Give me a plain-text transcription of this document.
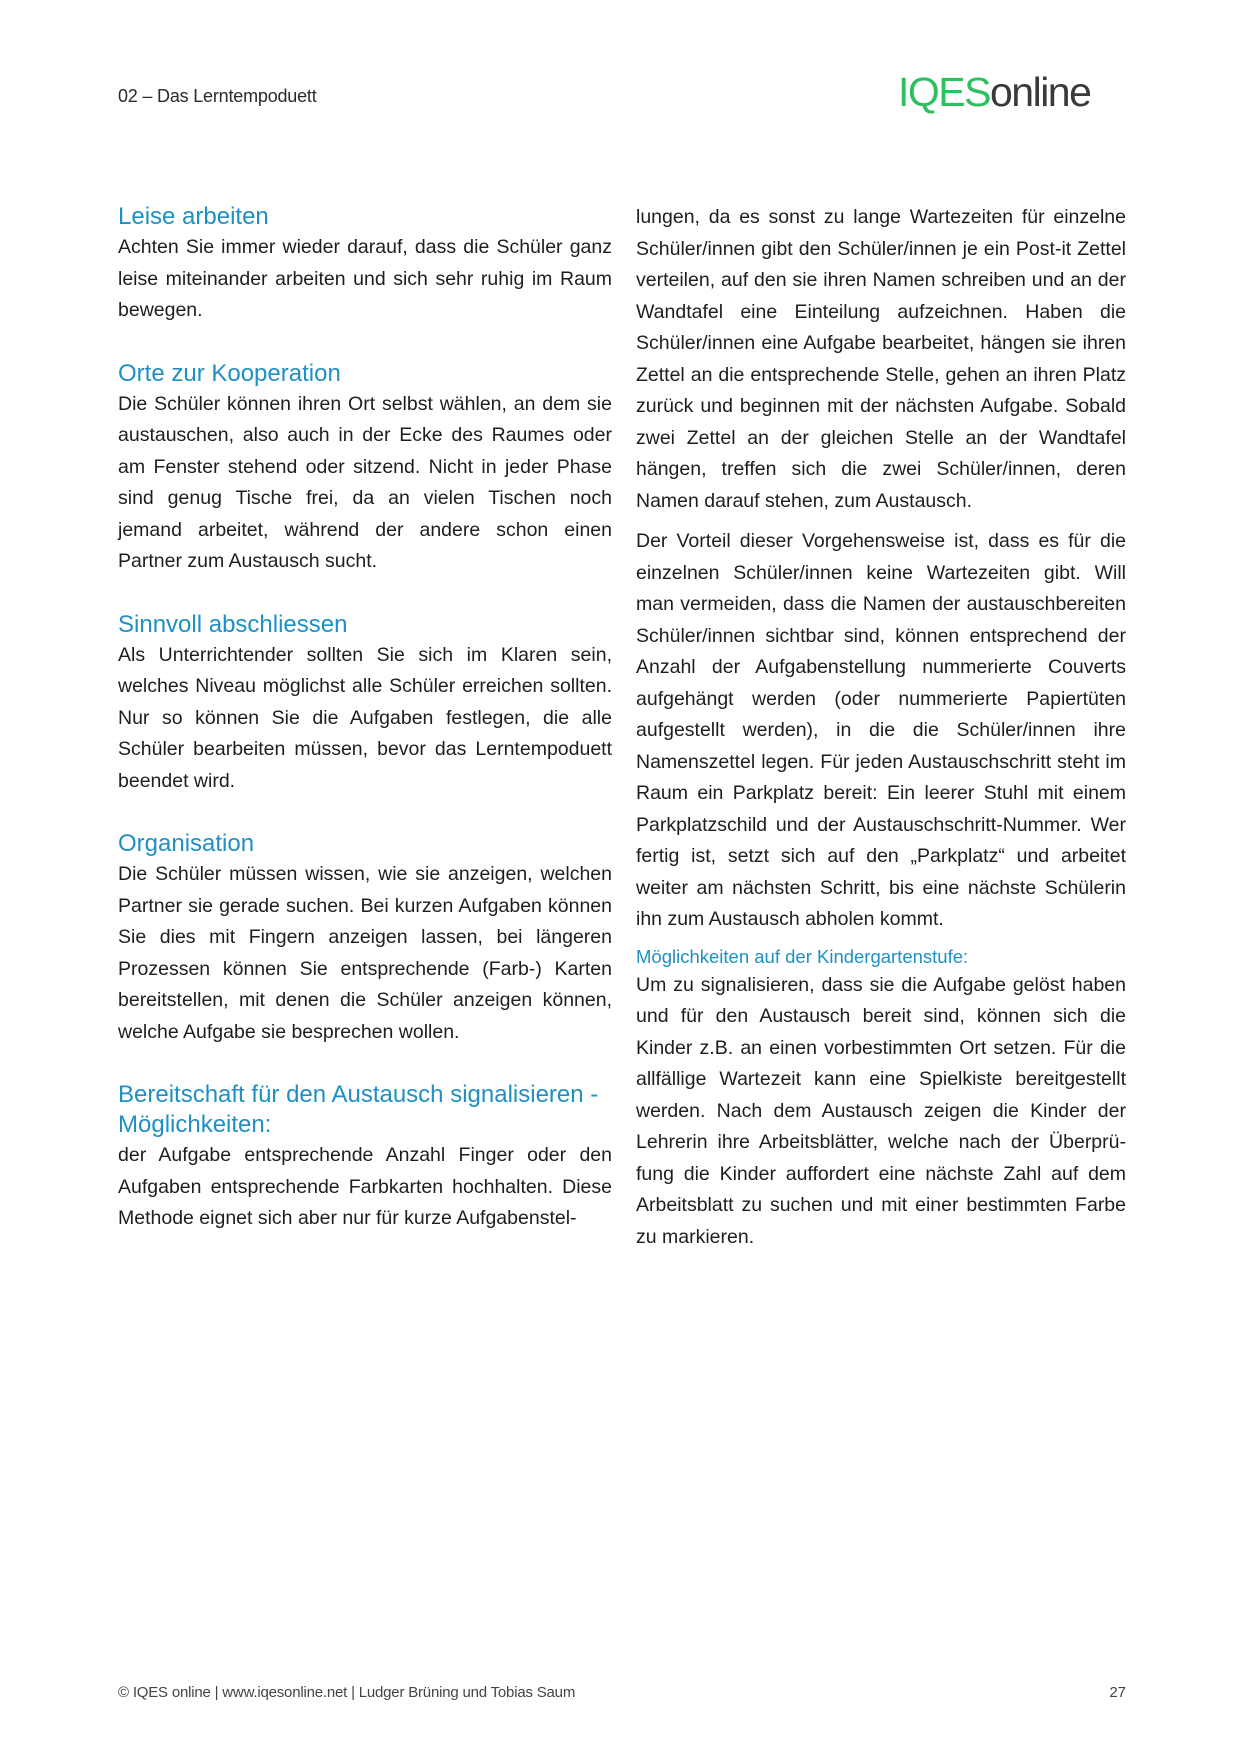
02 – Das Lerntempoduett	IQESonline
Leise arbeiten

Achten Sie immer wieder darauf, dass die Schüler ganz leise miteinander arbeiten und sich sehr ruhig im Raum bewegen.

Orte zur Kooperation

Die Schüler können ihren Ort selbst wählen, an dem sie austauschen, also auch in der Ecke des Raumes oder am Fenster stehend oder sitzend. Nicht in jeder Phase sind genug Tische frei, da an vielen Tischen noch jemand arbeitet, während der andere schon einen Partner zum Austausch sucht.

Sinnvoll abschliessen

Als Unterrichtender sollten Sie sich im Klaren sein, welches Niveau möglichst alle Schüler erreichen sollten. Nur so können Sie die Aufgaben festlegen, die alle Schüler bearbeiten müssen, bevor das Lerntempoduett beendet wird.

Organisation

Die Schüler müssen wissen, wie sie anzeigen, welchen Partner sie gerade suchen. Bei kurzen Aufgaben können Sie dies mit Fingern anzeigen lassen, bei längeren Prozessen können Sie entsprechende (Farb-) Karten bereitstellen, mit denen die Schüler anzeigen können, welche Aufgabe sie besprechen wollen.

Bereitschaft für den Austausch signalisieren - Möglichkeiten:

der Aufgabe entsprechende Anzahl Finger oder den Aufgaben entsprechende Farbkarten hochhalten. Diese Methode eignet sich aber nur für kurze Aufgabenstel-

lungen, da es sonst zu lange Wartezeiten für einzelne Schüler/innen gibt den Schüler/innen je ein Post-it Zettel verteilen, auf den sie ihren Namen schreiben und an der Wandtafel eine Einteilung aufzeichnen. Haben die Schüler/innen eine Aufgabe bearbeitet, hängen sie ihren Zettel an die entsprechende Stelle, gehen an ihren Platz zurück und beginnen mit der nächsten Aufgabe. Sobald zwei Zettel an der gleichen Stelle an der Wandtafel hängen, treffen sich die zwei Schüler/innen, deren Namen darauf stehen, zum Austausch.

Der Vorteil dieser Vorgehensweise ist, dass es für die einzelnen Schüler/innen keine Wartezeiten gibt. Will man vermeiden, dass die Namen der austauschbereiten Schüler/innen sichtbar sind, können entsprechend der Anzahl der Aufgabenstellung nummerierte Couverts aufgehängt werden (oder nummerierte Papiertüten aufgestellt werden), in die die Schüler/innen ihre Namenszettel legen. Für jeden Austauschschritt steht im Raum ein Parkplatz bereit: Ein leerer Stuhl mit einem Parkplatzschild und der Austauschschritt-Nummer. Wer fertig ist, setzt sich auf den „Parkplatz“ und arbeitet weiter am nächsten Schritt, bis eine nächste Schülerin ihn zum Austausch abholen kommt.

Möglichkeiten auf der Kindergartenstufe:

Um zu signalisieren, dass sie die Aufgabe gelöst haben und für den Austausch bereit sind, können sich die Kinder z.B. an einen vorbestimmten Ort setzen. Für die allfällige Wartezeit kann eine Spielkiste bereitgestellt werden. Nach dem Austausch zeigen die Kinder der Lehrerin ihre Arbeitsblätter, welche nach der Überprüfung die Kinder auffordert eine nächste Zahl auf dem Arbeitsblatt zu suchen und mit einer bestimmten Farbe zu markieren.

© IQES online | www.iqesonline.net | Ludger Brüning und Tobias Saum	27
